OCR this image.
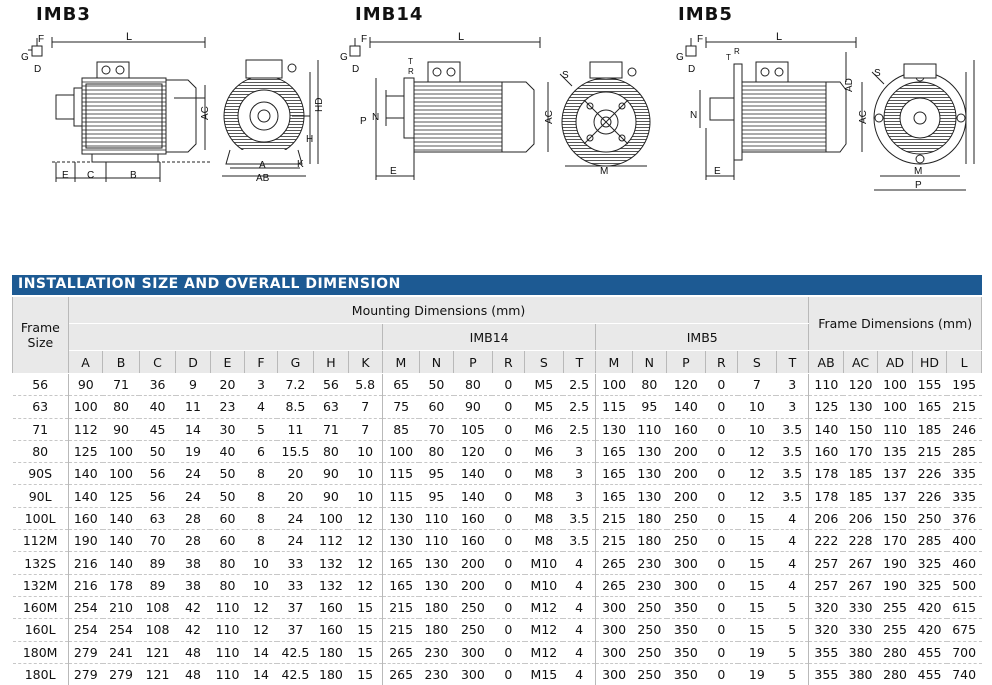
IMB3	IMB14	IMB5
L
F
G
D
E C	B
AC
A
AB
H
K
HD
L
F
G
D	R
T
P N
E
AC
S
M
L
F
G
D
R
T
N
E
AD
AC
S
M
P
INSTALLATION SIZE AND OVERALL DIMENSION
Frame Size	Mounting Dimensions (mm)																					Frame Dimensions (mm)				
										IMB14						IMB5										
	A	B	C	D	E	F	G	H	K	M	N	P	R	S	T	M	N	P	R	S	T	AB	AC	AD	HD	L
56	90	71	36	9	20	3	7.2	56	5.8	65	50	80	0	M5	2.5	100	80	120	0	7	3	110	120	100	155	195
63	100	80	40	11	23	4	8.5	63	7	75	60	90	0	M5	2.5	115	95	140	0	10	3	125	130	100	165	215
71	112	90	45	14	30	5	11	71	7	85	70	105	0	M6	2.5	130	110	160	0	10	3.5	140	150	110	185	246
80	125	100	50	19	40	6	15.5	80	10	100	80	120	0	M6	3	165	130	200	0	12	3.5	160	170	135	215	285
90S	140	100	56	24	50	8	20	90	10	115	95	140	0	M8	3	165	130	200	0	12	3.5	178	185	137	226	335
90L	140	125	56	24	50	8	20	90	10	115	95	140	0	M8	3	165	130	200	0	12	3.5	178	185	137	226	335
100L	160	140	63	28	60	8	24	100	12	130	110	160	0	M8	3.5	215	180	250	0	15	4	206	206	150	250	376
112M	190	140	70	28	60	8	24	112	12	130	110	160	0	M8	3.5	215	180	250	0	15	4	222	228	170	285	400
132S	216	140	89	38	80	10	33	132	12	165	130	200	0	M10	4	265	230	300	0	15	4	257	267	190	325	460
132M	216	178	89	38	80	10	33	132	12	165	130	200	0	M10	4	265	230	300	0	15	4	257	267	190	325	500
160M	254	210	108	42	110	12	37	160	15	215	180	250	0	M12	4	300	250	350	0	15	5	320	330	255	420	615
160L	254	254	108	42	110	12	37	160	15	215	180	250	0	M12	4	300	250	350	0	15	5	320	330	255	420	675
180M	279	241	121	48	110	14	42.5	180	15	265	230	300	0	M12	4	300	250	350	0	19	5	355	380	280	455	700
180L	279	279	121	48	110	14	42.5	180	15	265	230	300	0	M15	4	300	250	350	0	19	5	355	380	280	455	740
